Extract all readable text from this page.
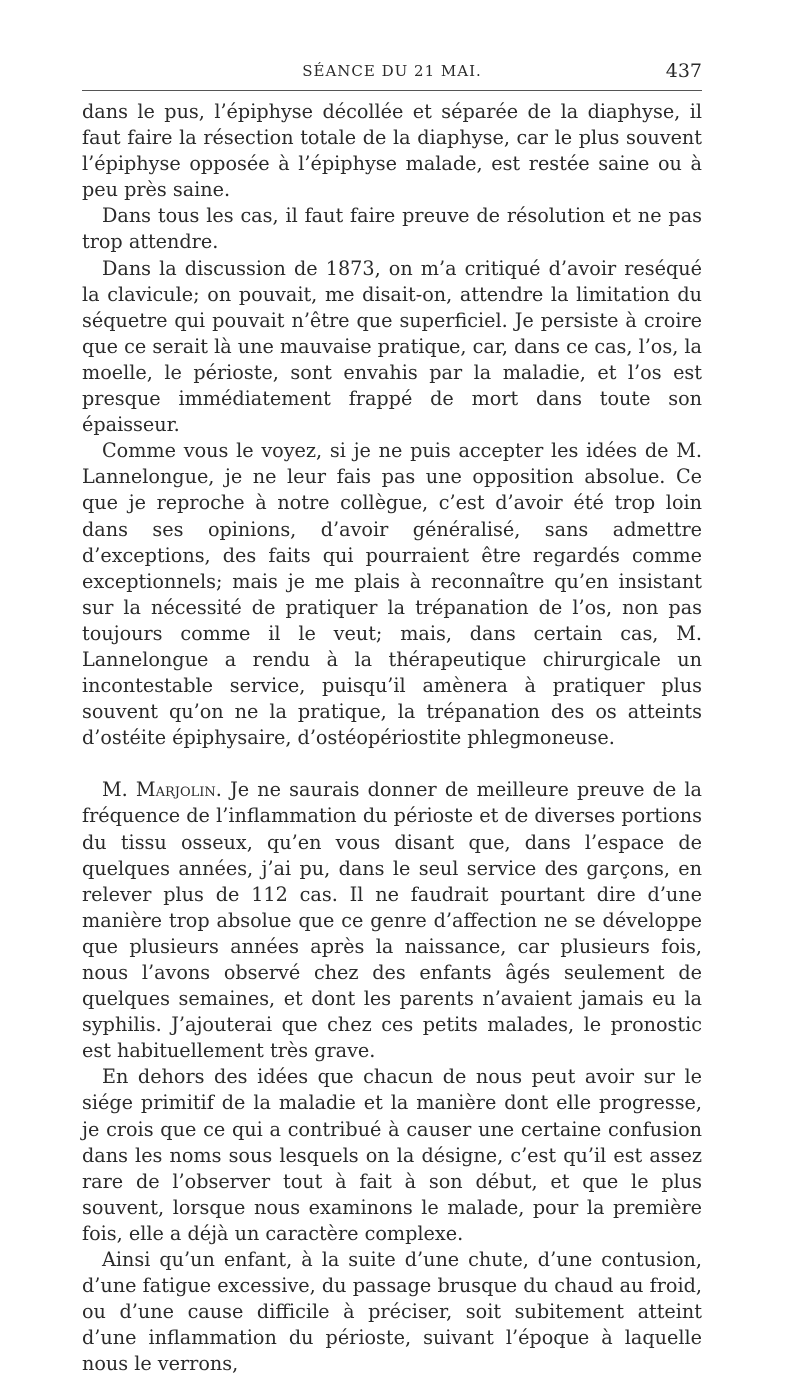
SÉANCE DU 21 MAI.	437

dans le pus, l’épiphyse décollée et séparée de la diaphyse, il faut faire la résection totale de la diaphyse, car le plus souvent l’épiphyse opposée à l’épiphyse malade, est restée saine ou à peu près saine.

Dans tous les cas, il faut faire preuve de résolution et ne pas trop attendre.

Dans la discussion de 1873, on m’a critiqué d’avoir reséqué la clavicule; on pouvait, me disait-on, attendre la limitation du séquetre qui pouvait n’être que superficiel. Je persiste à croire que ce serait là une mauvaise pratique, car, dans ce cas, l’os, la moelle, le périoste, sont envahis par la maladie, et l’os est presque immédiatement frappé de mort dans toute son épaisseur.

Comme vous le voyez, si je ne puis accepter les idées de M. Lannelongue, je ne leur fais pas une opposition absolue. Ce que je reproche à notre collègue, c’est d’avoir été trop loin dans ses opinions, d’avoir généralisé, sans admettre d’exceptions, des faits qui pourraient être regardés comme exceptionnels; mais je me plais à reconnaître qu’en insistant sur la nécessité de pratiquer la trépanation de l’os, non pas toujours comme il le veut; mais, dans certain cas, M. Lannelongue a rendu à la thérapeutique chirurgicale un incontestable service, puisqu’il amènera à pratiquer plus souvent qu’on ne la pratique, la trépanation des os atteints d’ostéite épiphysaire, d’ostéopériostite phlegmoneuse.

M. Marjolin. Je ne saurais donner de meilleure preuve de la fréquence de l’inflammation du périoste et de diverses portions du tissu osseux, qu’en vous disant que, dans l’espace de quelques années, j’ai pu, dans le seul service des garçons, en relever plus de 112 cas. Il ne faudrait pourtant dire d’une manière trop absolue que ce genre d’affection ne se développe que plusieurs années après la naissance, car plusieurs fois, nous l’avons observé chez des enfants âgés seulement de quelques semaines, et dont les parents n’avaient jamais eu la syphilis. J’ajouterai que chez ces petits malades, le pronostic est habituellement très grave.

En dehors des idées que chacun de nous peut avoir sur le siége primitif de la maladie et la manière dont elle progresse, je crois que ce qui a contribué à causer une certaine confusion dans les noms sous lesquels on la désigne, c’est qu’il est assez rare de l’observer tout à fait à son début, et que le plus souvent, lorsque nous examinons le malade, pour la première fois, elle a déjà un caractère complexe.

Ainsi qu’un enfant, à la suite d’une chute, d’une contusion, d’une fatigue excessive, du passage brusque du chaud au froid, ou d’une cause difficile à préciser, soit subitement atteint d’une inflammation du périoste, suivant l’époque à laquelle nous le verrons,
